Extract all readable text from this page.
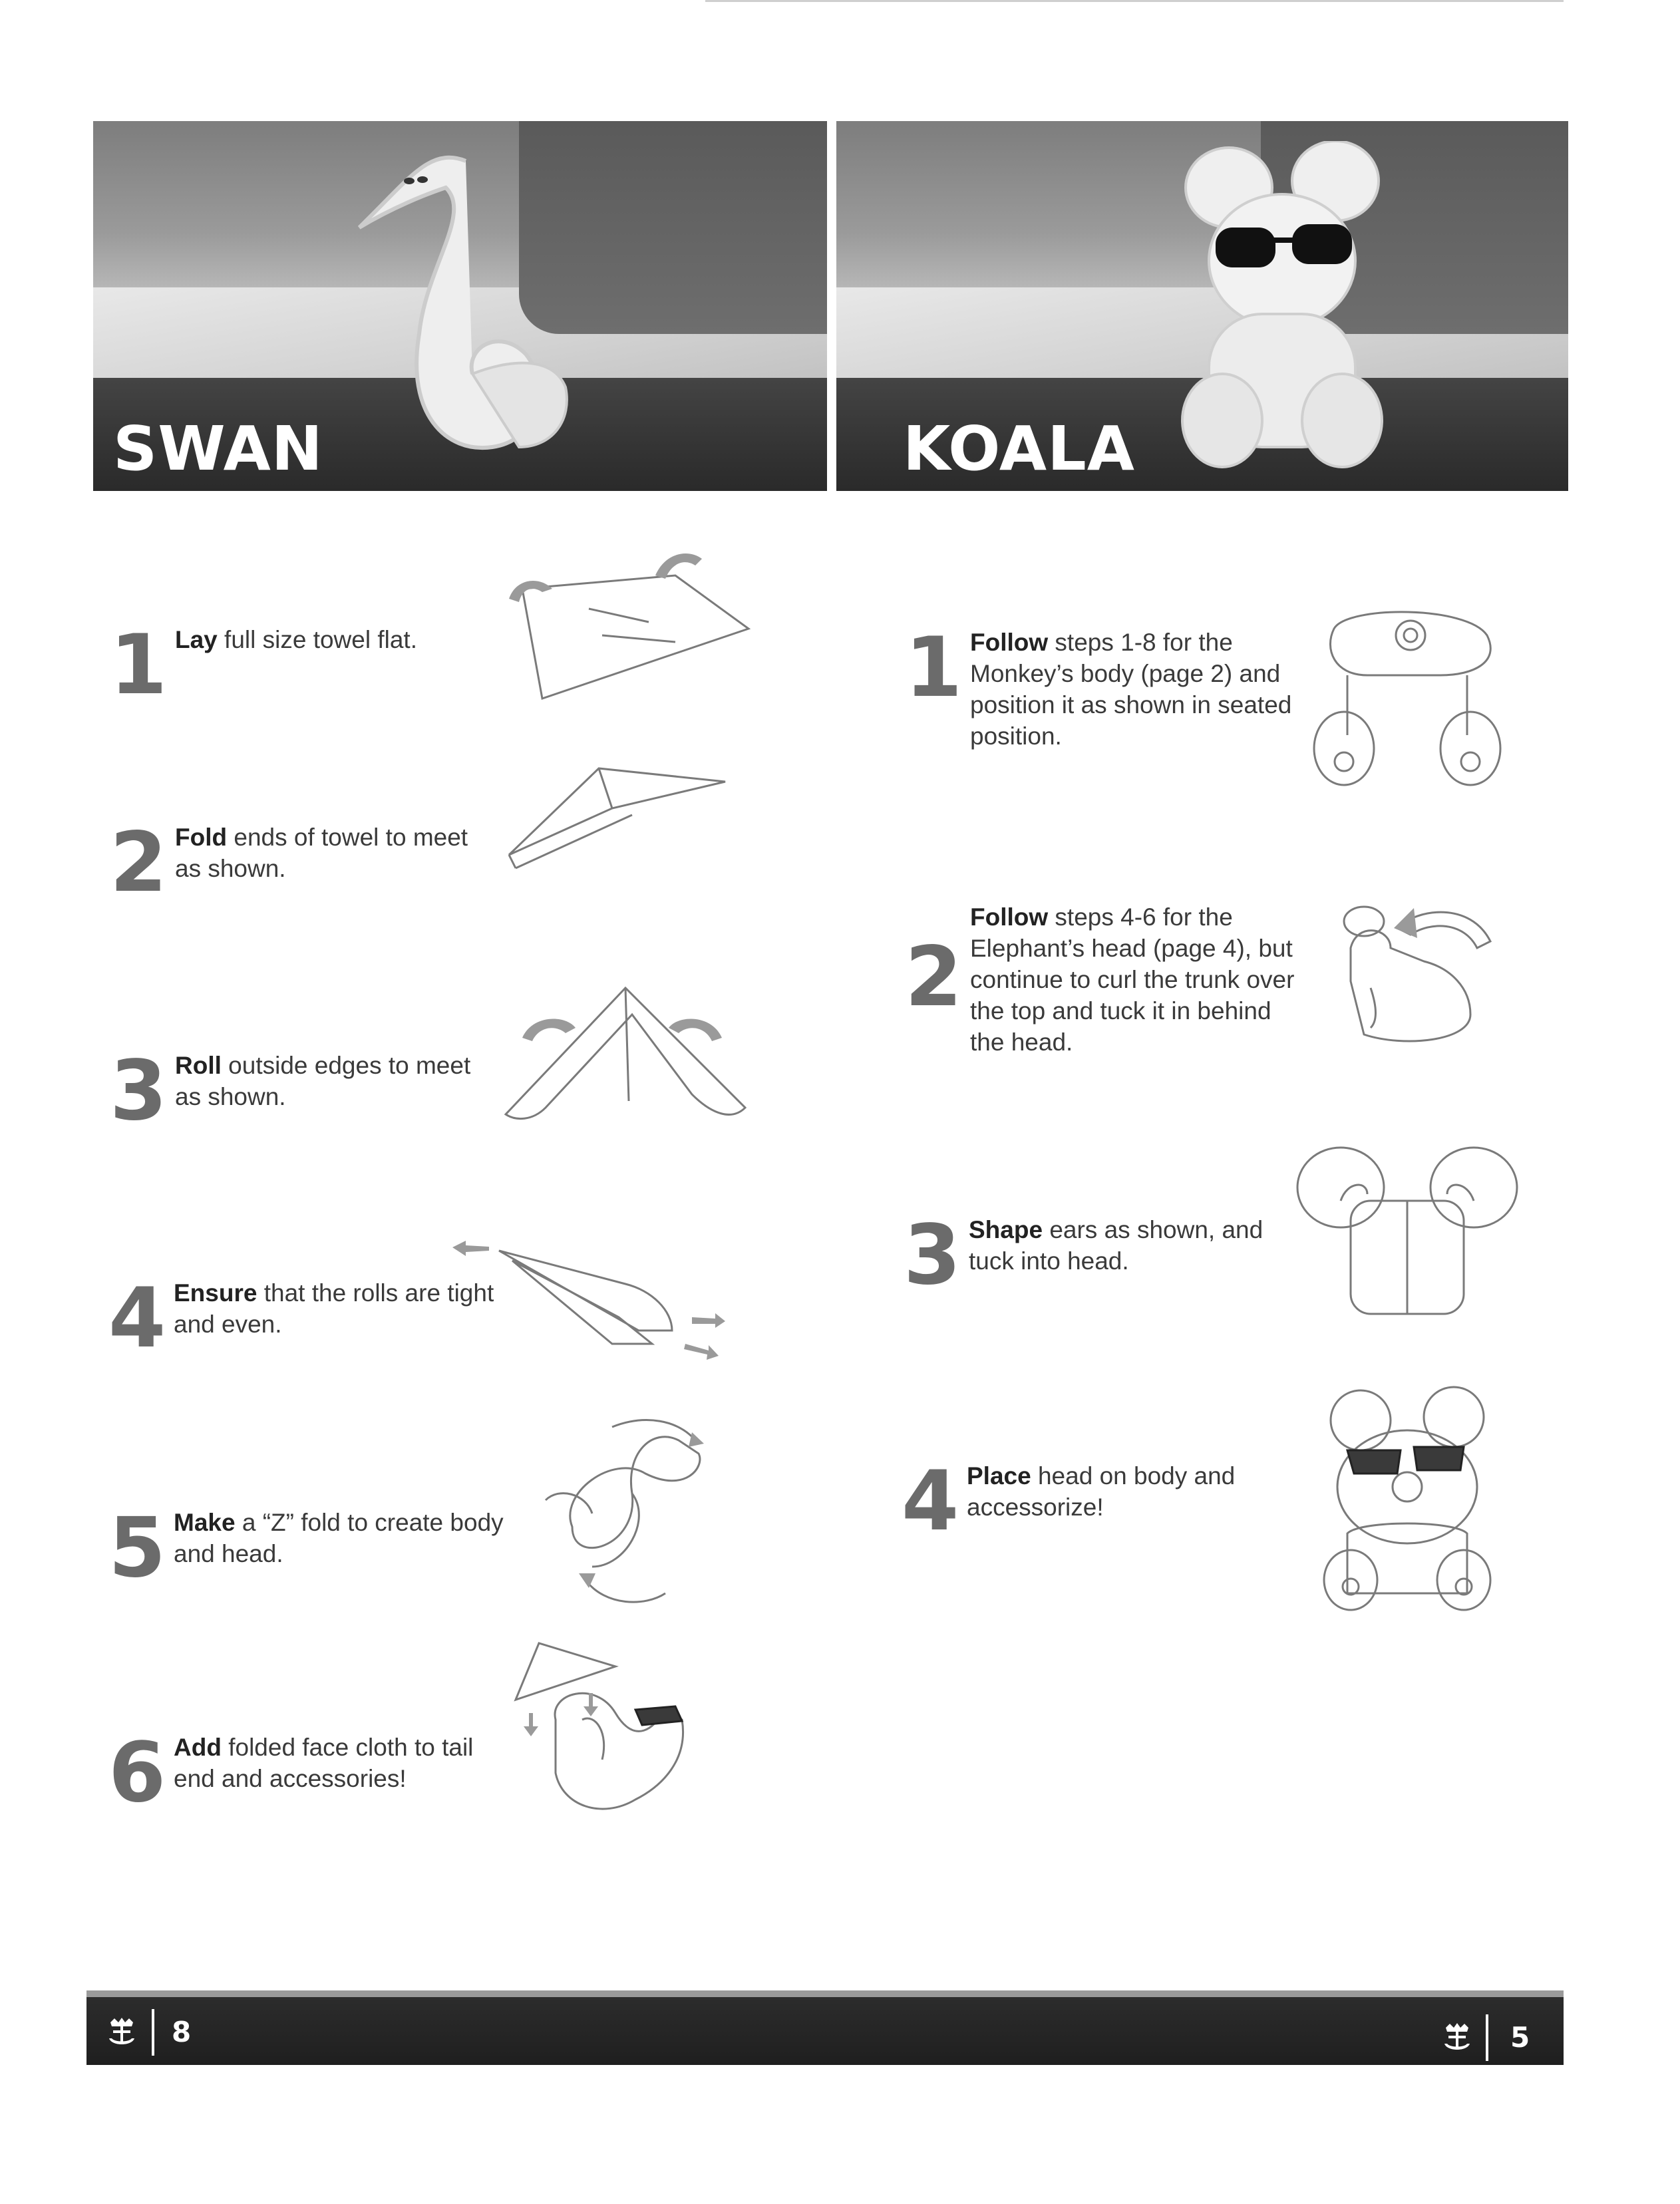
SWAN	KOALA
1 Lay full size towel flat.
2 Fold ends of towel to meet as shown.
3 Roll outside edges to meet as shown.
4 Ensure that the rolls are tight and even.
5 Make a “Z” fold to create body and head.
6 Add folded face cloth to tail end and accessories!
1 Follow steps 1-8 for the Monkey’s body (page 2) and position it as shown in seated position.
2
Follow steps 4-6 for the Elephant’s head (page 4), but continue to curl the trunk over the top and tuck it in behind the head.
3 Shape ears as shown, and tuck into head.
4 Place head on body and accessorize!
8	5
